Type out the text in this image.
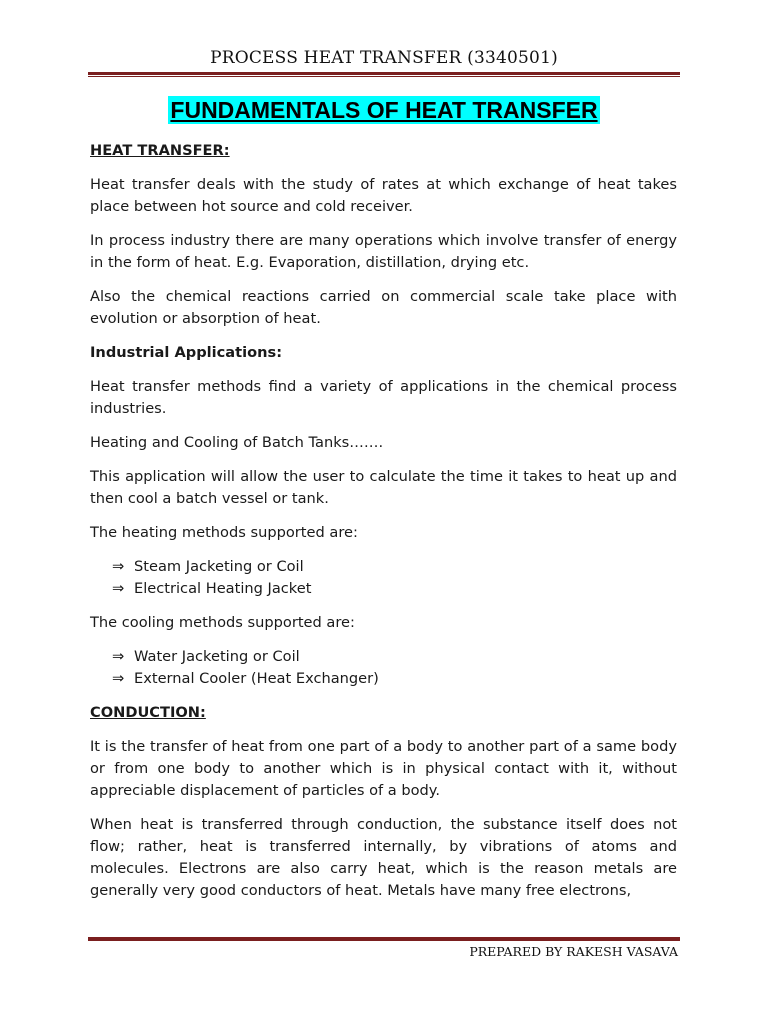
PROCESS HEAT TRANSFER (3340501)
FUNDAMENTALS OF HEAT TRANSFER
HEAT TRANSFER:

Heat transfer deals with the study of rates at which exchange of heat takes place between hot source and cold receiver.

In process industry there are many operations which involve transfer of energy in the form of heat. E.g. Evaporation, distillation, drying etc.

Also the chemical reactions carried on commercial scale take place with evolution or absorption of heat.

Industrial Applications:

Heat transfer methods find a variety of applications in the chemical process industries.

Heating and Cooling of Batch Tanks…….

This application will allow the user to calculate the time it takes to heat up and then cool a batch vessel or tank.

The heating methods supported are:

⇒ Steam Jacketing or Coil
⇒ Electrical Heating Jacket

The cooling methods supported are:

⇒ Water Jacketing or Coil
⇒ External Cooler (Heat Exchanger)
CONDUCTION:

It is the transfer of heat from one part of a body to another part of a same body or from one body to another which is in physical contact with it, without appreciable displacement of particles of a body.

When heat is transferred through conduction, the substance itself does not flow; rather, heat is transferred internally, by vibrations of atoms and molecules. Electrons are also carry heat, which is the reason metals are generally very good conductors of heat. Metals have many free electrons,

PREPARED BY RAKESH VASAVA
